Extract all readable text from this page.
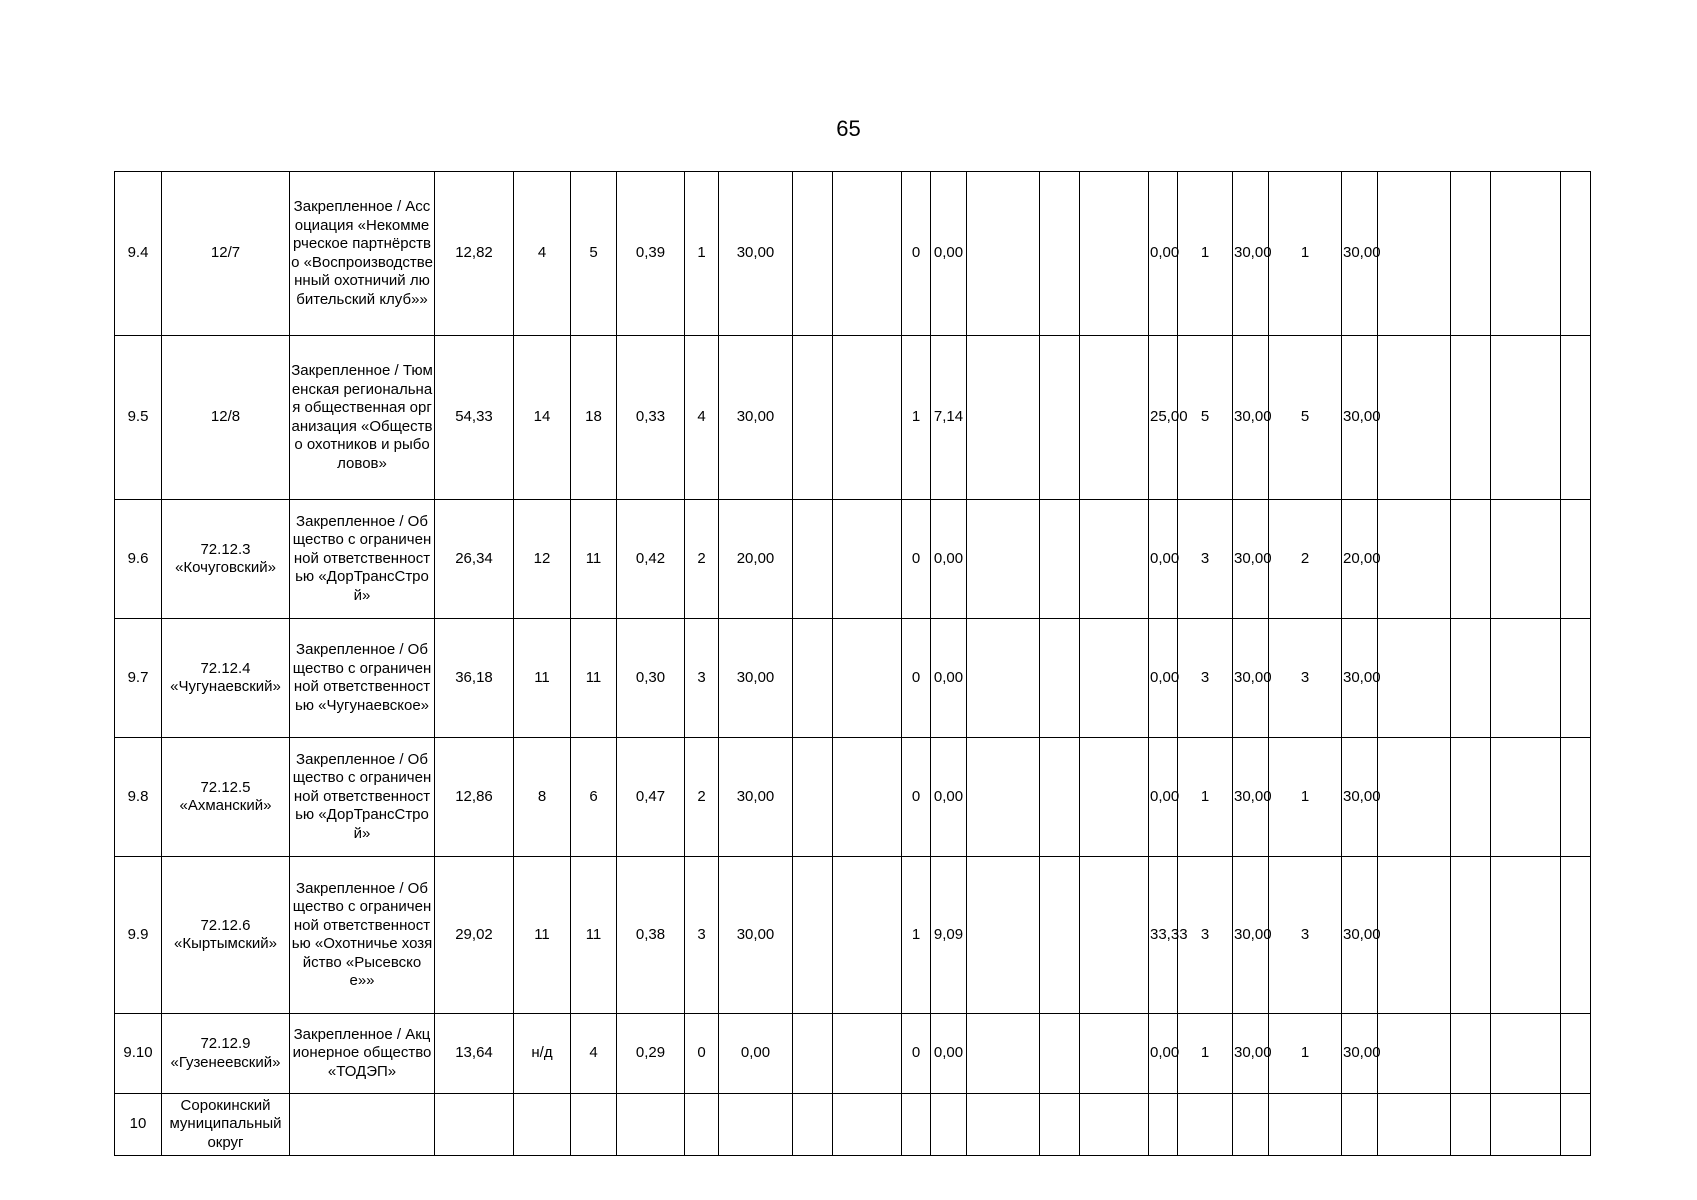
65
9.4	12/7	Закрепленное / Ассоциация «Некоммерческое партнёрство «Воспроизводстве нный охотничий любительский клуб»»	12,82	4	5	0,39	1	30,00			0	0,00				0,00	1	30,00	1	30,00				
9.5	12/8	Закрепленное / Тюменская региональная общественная организация «Общество охотников и рыболовов»	54,33	14	18	0,33	4	30,00			1	7,14				25,00	5	30,00	5	30,00				
9.6	72.12.3 «Кочуговский»	Закрепленное / Общество с ограниченной ответственностью «ДорТрансСтрой»	26,34	12	11	0,42	2	20,00			0	0,00				0,00	3	30,00	2	20,00				
9.7	72.12.4 «Чугунаевский»	Закрепленное / Общество с ограниченной ответственностью «Чугунаевское»	36,18	11	11	0,30	3	30,00			0	0,00				0,00	3	30,00	3	30,00				
9.8	72.12.5 «Ахманский»	Закрепленное / Общество с ограниченной ответственностью «ДорТрансСтрой»	12,86	8	6	0,47	2	30,00			0	0,00				0,00	1	30,00	1	30,00				
9.9	72.12.6 «Кыртымский»	Закрепленное / Общество с ограниченной ответственностью «Охотничье хозяйство «Рысевское»»	29,02	11	11	0,38	3	30,00			1	9,09				33,33	3	30,00	3	30,00				
9.10	72.12.9 «Гузенеевский»	Закрепленное / Акционерное общество «ТОДЭП»	13,64	н/д	4	0,29	0	0,00			0	0,00				0,00	1	30,00	1	30,00				
10	Сорокинский муниципальный округ																							
